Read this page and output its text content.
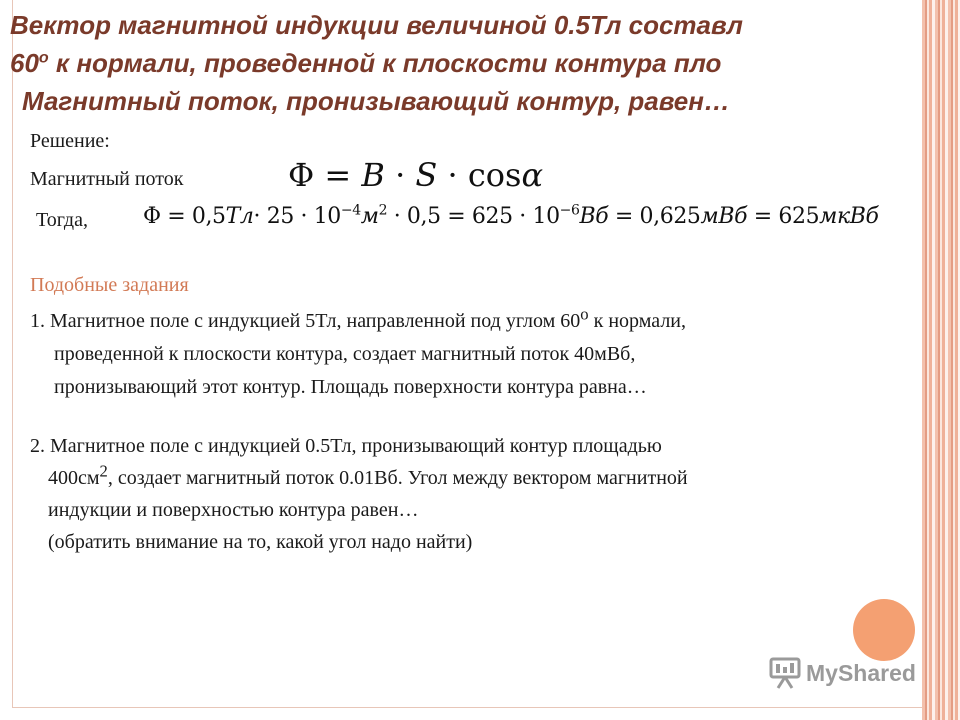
Вектор магнитной индукции величиной 0.5Тл составл
$60^о$ к нормали, проведенной к плоскости контура пло
Магнитный поток, пронизывающий контур, равен…
Решение:
Магнитный поток	Φ = B · S · cosα
Тогда,	$\Phi = 0,5Тл\cdot 25 \cdot 10^{-4}м^2 \cdot 0,5 = 625 \cdot 10^{-6}Вб = 0,625мВб$ = 625мкВб
Подобные задания

1. Магнитное поле с индукцией 5Тл, направленной под углом $60^о$ к нормали,

проведенной к плоскости контура, создает магнитный поток 40мВб,

пронизывающий этот контур. Площадь поверхности контура равна…

2. Магнитное поле с индукцией 0.5Тл, пронизывающий контур площадью

$400см^2$, создает магнитный поток 0.01Вб. Угол между вектором магнитной

индукции и поверхностью контура равен…

(обратить внимание на то, какой угол надо найти)

MyShared
